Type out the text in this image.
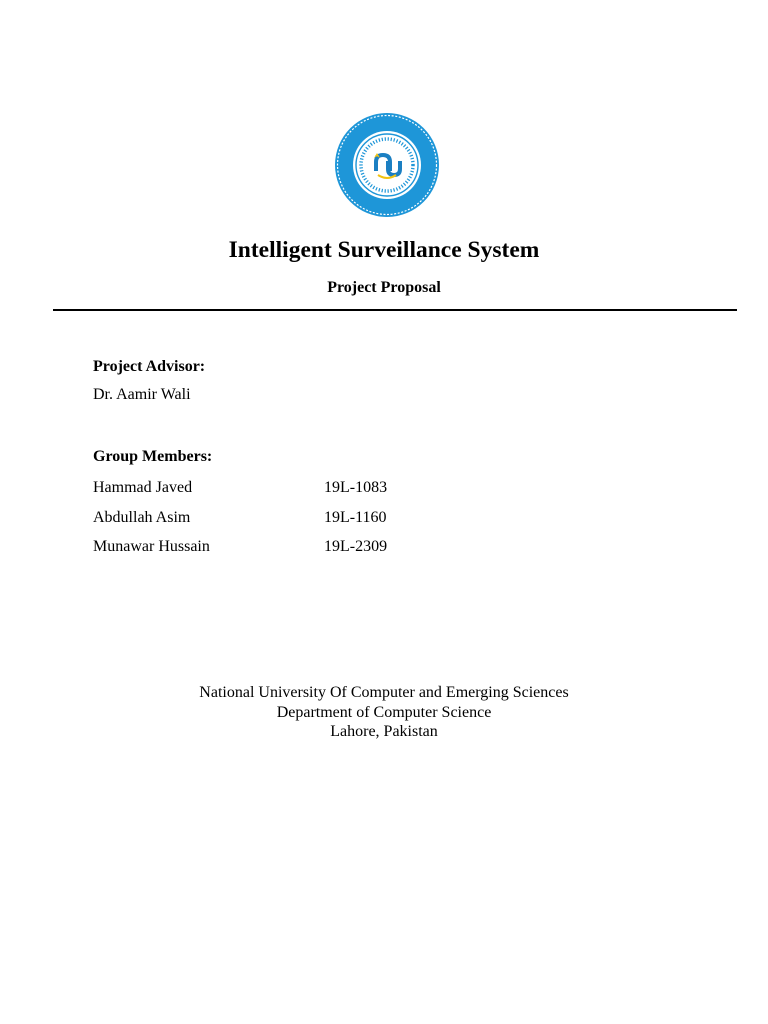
Intelligent Surveillance System
Project Proposal
Project Advisor:
Dr. Aamir Wali
Group Members:
Hammad Javed	19L-1083
Abdullah Asim	19L-1160
Munawar Hussain	19L-2309
National University Of Computer and Emerging Sciences
Department of Computer Science
Lahore, Pakistan
